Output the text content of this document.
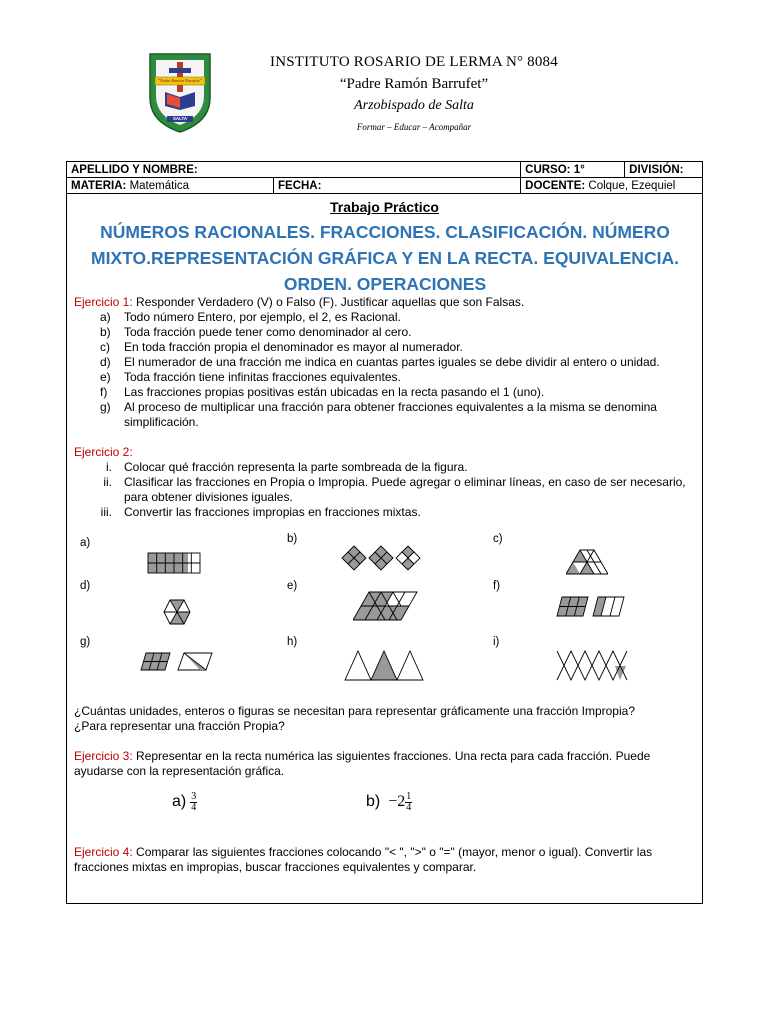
"Padre Ramón Barrufet"
SALTA
INSTITUTO ROSARIO DE LERMA N° 8084
“Padre Ramón Barrufet”
Arzobispado de Salta
Formar – Educar – Acompañar
APELLIDO Y NOMBRE:		CURSO: 1°	DIVISIÓN:
MATERIA: Matemática	FECHA:	DOCENTE: Colque, Ezequiel	
Trabajo Práctico
NÚMEROS RACIONALES. FRACCIONES. CLASIFICACIÓN. NÚMERO MIXTO.REPRESENTACIÓN GRÁFICA Y EN LA RECTA. EQUIVALENCIA. ORDEN. OPERACIONES
Ejercicio 1: Responder Verdadero (V) o Falso (F). Justificar aquellas que son Falsas.
a)	Todo número Entero, por ejemplo, el 2, es Racional.
b)	Toda fracción puede tener como denominador al cero.
c)	En toda fracción propia el denominador es mayor al numerador.
d)	El numerador de una fracción me indica en cuantas partes iguales se debe dividir al entero o unidad.
e)	Toda fracción tiene infinitas fracciones equivalentes.
f)	Las fracciones propias positivas están ubicadas en la recta pasando el 1 (uno).
g)	Al proceso de multiplicar una fracción para obtener fracciones equivalentes a la misma se denomina simplificación.
Ejercicio 2:
i. Colocar qué fracción representa la parte sombreada de la figura.
ii. Clasificar las fracciones en Propia o Impropia. Puede agregar o eliminar líneas, en caso de ser necesario, para obtener divisiones iguales.
iii. Convertir las fracciones impropias en fracciones mixtas.
a)	b)	c)
d)	e)	f)
g)	h)	i)
¿Cuántas unidades, enteros o figuras se necesitan para representar gráficamente una fracción Impropia?
¿Para representar una fracción Propia?
Ejercicio 3: Representar en la recta numérica las siguientes fracciones. Una recta para cada fracción. Puede ayudarse con la representación gráfica.
$a) \frac{3}{4}$	$b) -2 \frac{1}{4}$
Ejercicio 4: Comparar las siguientes fracciones colocando "< ", ">" o "=" (mayor, menor o igual). Convertir las fracciones mixtas en impropias, buscar fracciones equivalentes y comparar.
